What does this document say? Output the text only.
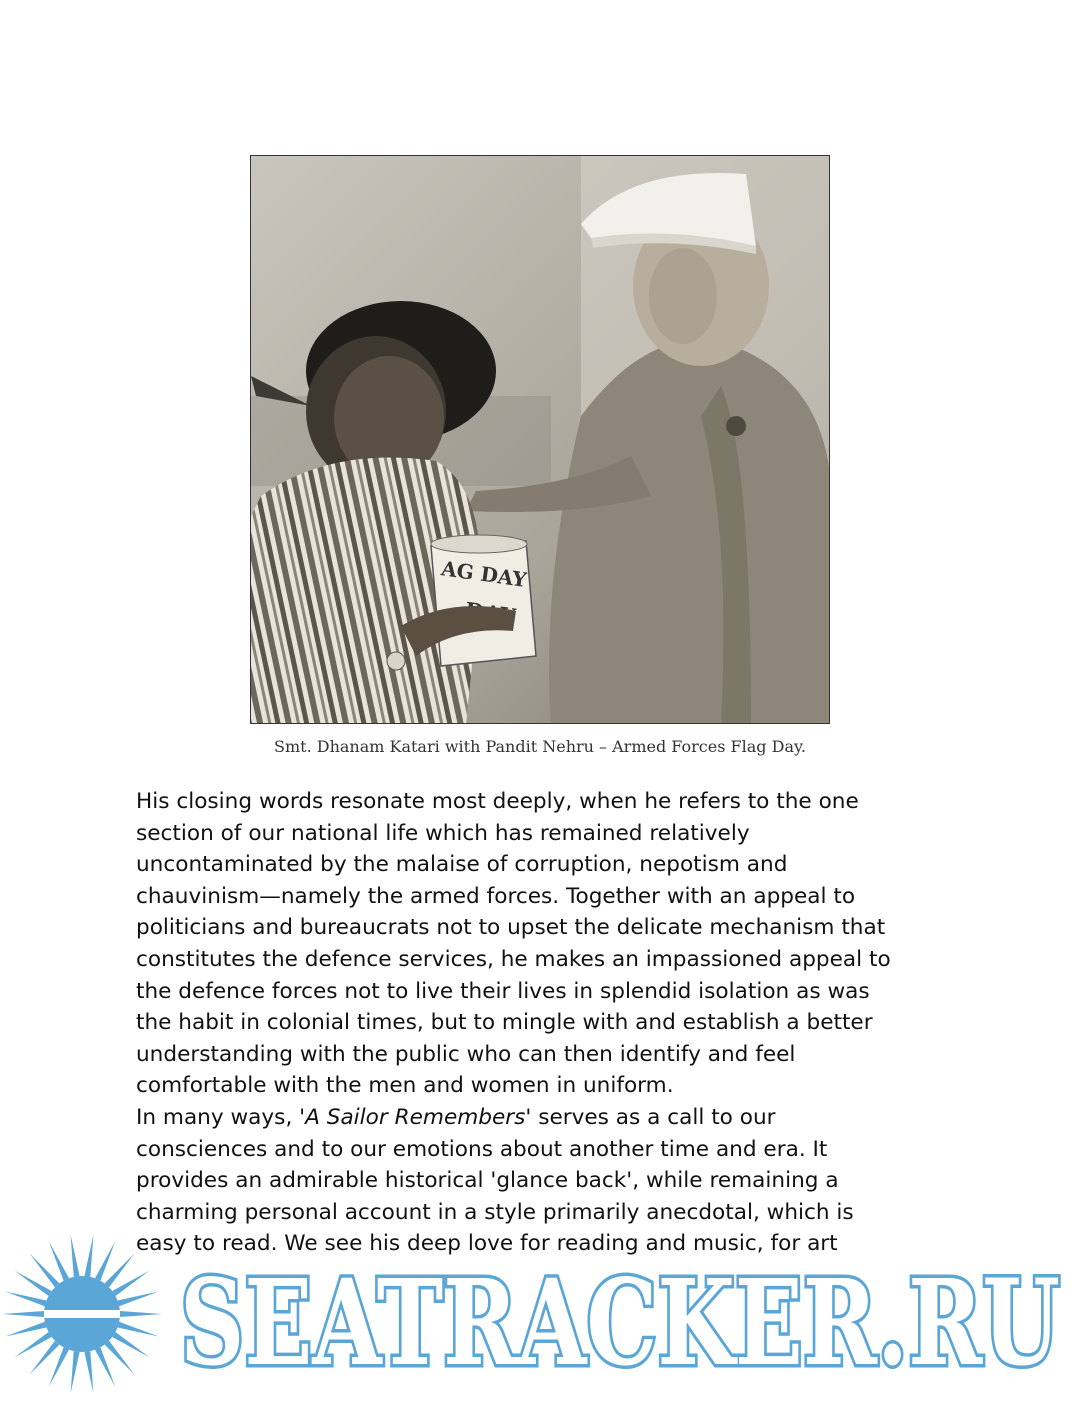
AG DAY
Smt. Dhanam Katari with Pandit Nehru – Armed Forces Flag Day.

His closing words resonate most deeply, when he refers to the one
section of our national life which has remained relatively
uncontaminated by the malaise of corruption, nepotism and
chauvinism—namely the armed forces. Together with an appeal to
politicians and bureaucrats not to upset the delicate mechanism that
constitutes the defence services, he makes an impassioned appeal to
the defence forces not to live their lives in splendid isolation as was
the habit in colonial times, but to mingle with and establish a better
understanding with the public who can then identify and feel
comfortable with the men and women in uniform.

In many ways, 'A Sailor Remembers' serves as a call to our
consciences and to our emotions about another time and era. It
provides an admirable historical 'glance back', while remaining a
charming personal account in a style primarily anecdotal, which is
easy to read. We see his deep love for reading and music, for art

SEATRACKER.RU
